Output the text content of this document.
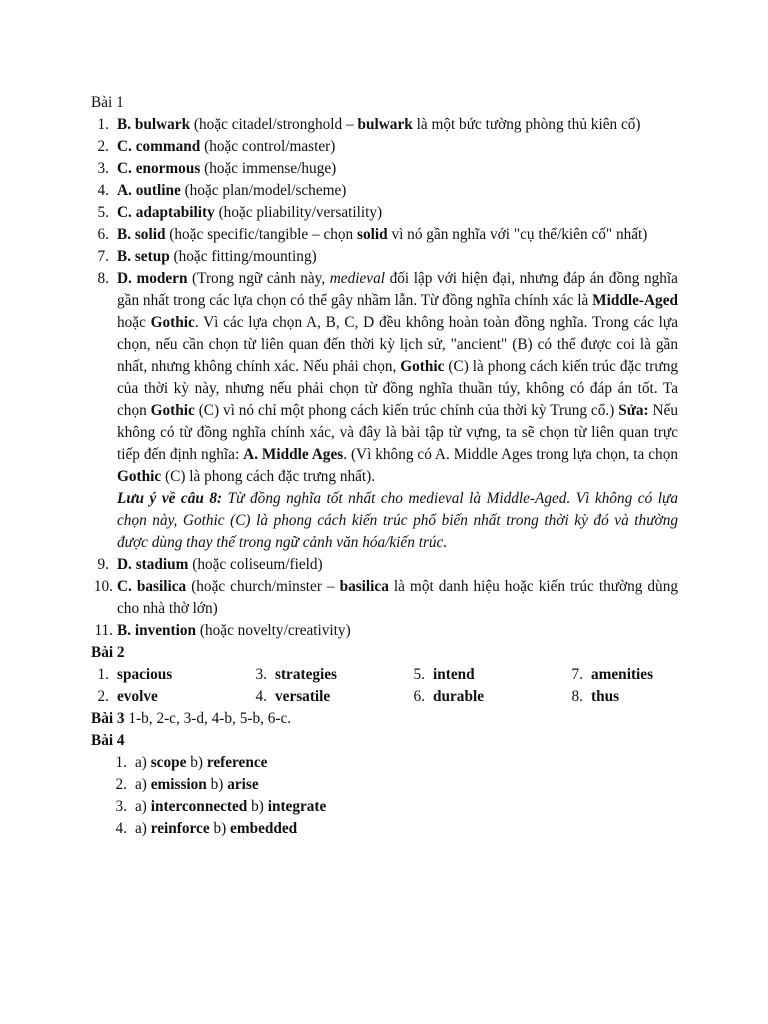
Bài 1
1. B. bulwark (hoặc citadel/stronghold – bulwark là một bức tường phòng thủ kiên cố)
2. C. command (hoặc control/master)
3. C. enormous (hoặc immense/huge)
4. A. outline (hoặc plan/model/scheme)
5. C. adaptability (hoặc pliability/versatility)
6. B. solid (hoặc specific/tangible – chọn solid vì nó gần nghĩa với "cụ thể/kiên cố" nhất)
7. B. setup (hoặc fitting/mounting)
8. D. modern (Trong ngữ cảnh này, medieval đối lập với hiện đại, nhưng đáp án đồng nghĩa gần nhất trong các lựa chọn có thể gây nhầm lẫn. Từ đồng nghĩa chính xác là Middle-Aged hoặc Gothic. Vì các lựa chọn A, B, C, D đều không hoàn toàn đồng nghĩa. Trong các lựa chọn, nếu cần chọn từ liên quan đến thời kỳ lịch sử, "ancient" (B) có thể được coi là gần nhất, nhưng không chính xác. Nếu phải chọn, Gothic (C) là phong cách kiến trúc đặc trưng của thời kỳ này, nhưng nếu phải chọn từ đồng nghĩa thuần túy, không có đáp án tốt. Ta chọn Gothic (C) vì nó chỉ một phong cách kiến trúc chính của thời kỳ Trung cổ.) Sửa: Nếu không có từ đồng nghĩa chính xác, và đây là bài tập từ vựng, ta sẽ chọn từ liên quan trực tiếp đến định nghĩa: A. Middle Ages. (Vì không có A. Middle Ages trong lựa chọn, ta chọn Gothic (C) là phong cách đặc trưng nhất).
Lưu ý về câu 8: Từ đồng nghĩa tốt nhất cho medieval là Middle-Aged. Vì không có lựa chọn này, Gothic (C) là phong cách kiến trúc phổ biến nhất trong thời kỳ đó và thường được dùng thay thế trong ngữ cảnh văn hóa/kiến trúc.
9. D. stadium (hoặc coliseum/field)
10. C. basilica (hoặc church/minster – basilica là một danh hiệu hoặc kiến trúc thường dùng cho nhà thờ lớn)
11. B. invention (hoặc novelty/creativity)
Bài 2
1. spacious
2. evolve
3. strategies
4. versatile
5. intend
6. durable
7. amenities
8. thus
Bài 3 1-b, 2-c, 3-d, 4-b, 5-b, 6-c.
Bài 4
1. a) scope b) reference
2. a) emission b) arise
3. a) interconnected b) integrate
4. a) reinforce b) embedded
